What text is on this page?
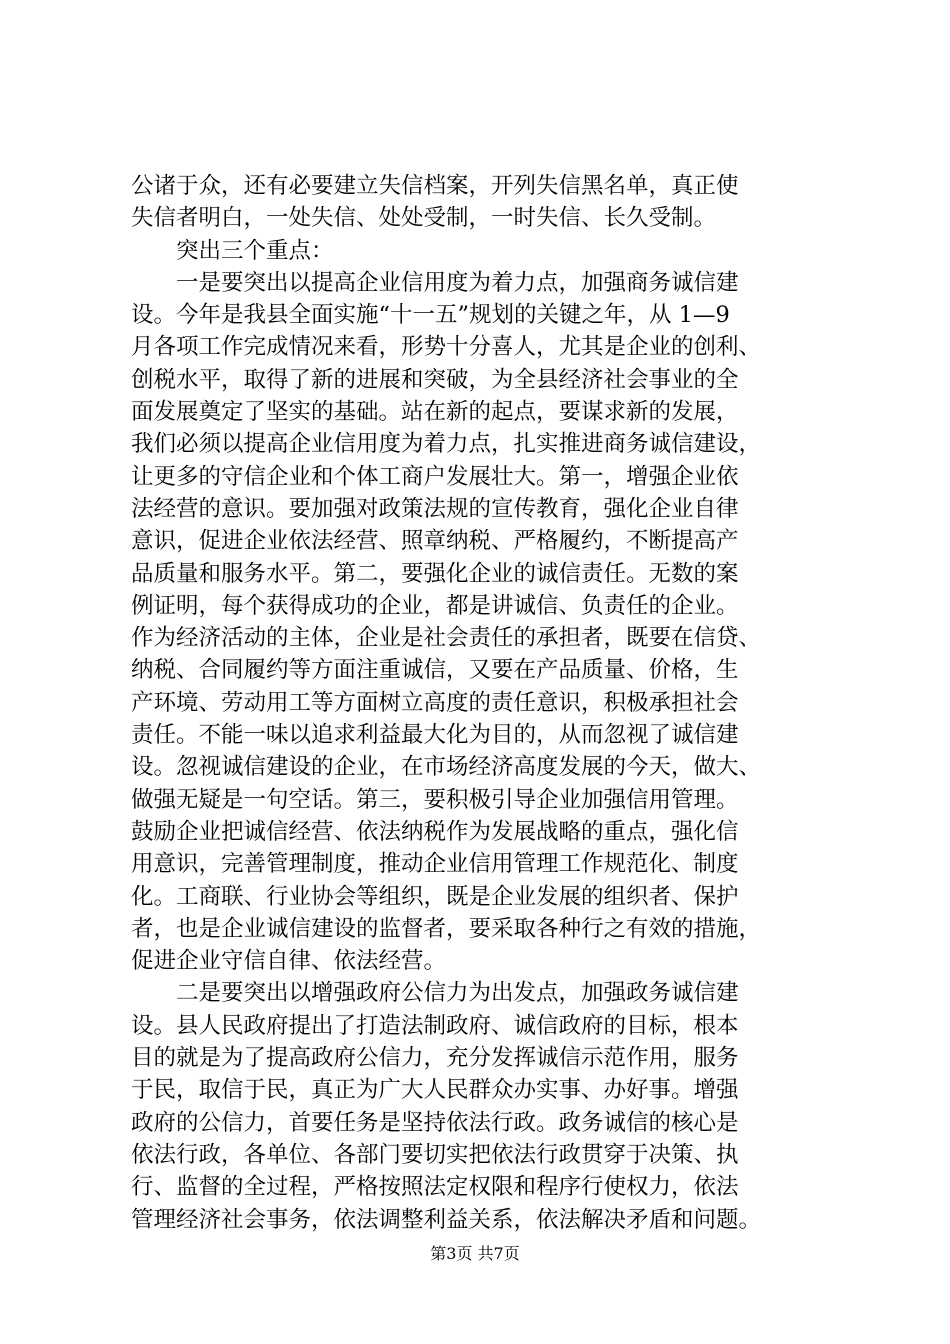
公诸于众，还有必要建立失信档案，开列失信黑名单，真正使
失信者明白，一处失信、处处受制，一时失信、长久受制。
突出三个重点：
一是要突出以提高企业信用度为着力点，加强商务诚信建
设。今年是我县全面实施“十一五”规划的关键之年，从 1—9
月各项工作完成情况来看，形势十分喜人，尤其是企业的创利、
创税水平，取得了新的进展和突破，为全县经济社会事业的全
面发展奠定了坚实的基础。站在新的起点，要谋求新的发展，
我们必须以提高企业信用度为着力点，扎实推进商务诚信建设，
让更多的守信企业和个体工商户发展壮大。第一，增强企业依
法经营的意识。要加强对政策法规的宣传教育，强化企业自律
意识，促进企业依法经营、照章纳税、严格履约，不断提高产
品质量和服务水平。第二，要强化企业的诚信责任。无数的案
例证明，每个获得成功的企业，都是讲诚信、负责任的企业。
作为经济活动的主体，企业是社会责任的承担者，既要在信贷、
纳税、合同履约等方面注重诚信，又要在产品质量、价格，生
产环境、劳动用工等方面树立高度的责任意识，积极承担社会
责任。不能一味以追求利益最大化为目的，从而忽视了诚信建
设。忽视诚信建设的企业，在市场经济高度发展的今天，做大、
做强无疑是一句空话。第三，要积极引导企业加强信用管理。
鼓励企业把诚信经营、依法纳税作为发展战略的重点，强化信
用意识，完善管理制度，推动企业信用管理工作规范化、制度
化。工商联、行业协会等组织，既是企业发展的组织者、保护
者，也是企业诚信建设的监督者，要采取各种行之有效的措施，
促进企业守信自律、依法经营。
二是要突出以增强政府公信力为出发点，加强政务诚信建
设。县人民政府提出了打造法制政府、诚信政府的目标，根本
目的就是为了提高政府公信力，充分发挥诚信示范作用，服务
于民，取信于民，真正为广大人民群众办实事、办好事。增强
政府的公信力，首要任务是坚持依法行政。政务诚信的核心是
依法行政，各单位、各部门要切实把依法行政贯穿于决策、执
行、监督的全过程，严格按照法定权限和程序行使权力，依法
管理经济社会事务，依法调整利益关系，依法解决矛盾和问题。
第3页 共7页
